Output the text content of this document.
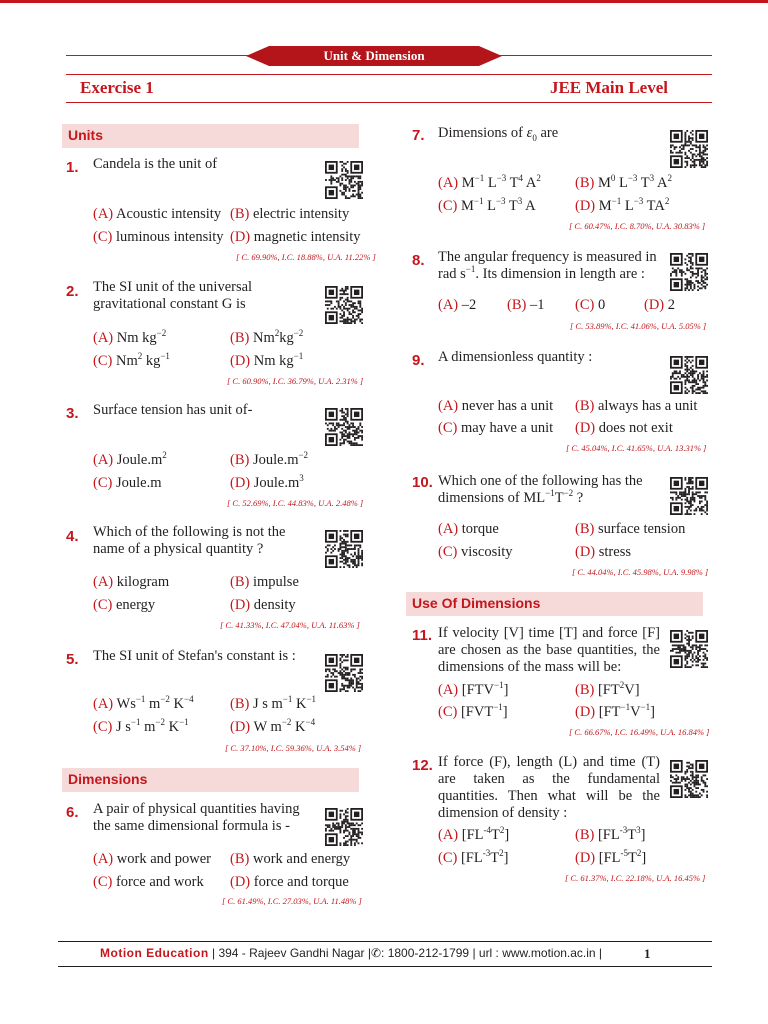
Unit & Dimension
Exercise 1	JEE Main Level
Units
1. Candela is the unit of
(A) Acoustic intensity (B) electric intensity
(C) luminous intensity (D) magnetic intensity
[ C. 69.90%, I.C. 18.88%, U.A. 11.22% ]
2. The SI unit of the universal
gravitational constant G is
(A) Nm $kg^{-2}$	(B) $Nm^2kg^{-2}$
(C) Nm$^2$ $kg^{-1}$	(D) Nm $kg^{-1}$
[ C. 60.90%, I.C. 36.79%, U.A. 2.31% ]
3. Surface tension has unit of-
(A) $Joule.m^2$	(B) $Joule.m^{-2}$
(C) Joule.m	(D) $Joule.m^3$
[ C. 52.69%, I.C. 44.83%, U.A. 2.48% ]
4. Which of the following is not the
name of a physical quantity ?
(A) kilogram	(B) impulse
(C) energy	(D) density
[ C. 41.33%, I.C. 47.04%, U.A. 11.63% ]
5. The SI unit of Stefan's constant is :
(A) $Ws^{-1}$ $m^{-2}$ $K^{-4}$	(B) J s $m^{-1}$ $K^{-1}$
(C) J $s^{-1}$ $m^{-2}$ $K^{-1}$	(D) W $m^{-2}$ $K^{-4}$
[ C. 37.10%, I.C. 59.36%, U.A. 3.54% ]
Dimensions
6. A pair of physical quantities having
the same dimensional formula is -
(A) work and power (B) work and energy
(C) force and work (D) force and torque
[ C. 61.49%, I.C. 27.03%, U.A. 11.48% ]
7. Dimensions of $\varepsilon_0$ are
(A) $M^{-1}$ $L^{-3}$ $T^4$ $A^2$ (B) $M^0$ $L^{-3}$ $T^3$ $A^2$
(C) $M^{-1}$ $L^{-3}$ $T^3$ A	(D) $M^{-1}$ $L^{-3}$ $TA^2$
[ C. 60.47%, I.C. 8.70%, U.A. 30.83% ]
8. The angular frequency is measured in
rad $s^{-1}$. Its dimension in length are :
(A) –2 (B) –1 (C) 0	(D) 2
[ C. 53.89%, I.C. 41.06%, U.A. 5.05% ]
9. A dimensionless quantity :
(A) never has a unit (B) always has a unit
(C) may have a unit (D) does not exit
[ C. 45.04%, I.C. 41.65%, U.A. 13.31% ]
10. Which one of the following has the
dimensions of $ML^{-1}T^{-2}$ ?
(A) torque	(B) surface tension
(C) viscosity	(D) stress
[ C. 44.04%, I.C. 45.98%, U.A. 9.98% ]
Use Of Dimensions
11. If velocity [V] time [T] and force [F] are chosen as the base quantities, the dimensions of the mass will be:
(A) $[FTV^{-1}]$	(B) $[FT^2V]$
(C) $[FVT^{-1}]$	(D) $[FT^{-1}V^{-1}]$
[ C. 66.67%, I.C. 16.49%, U.A. 16.84% ]
12. If force (F), length (L) and time (T) are taken as the fundamental quantities. Then what will be the dimension of density :
(A) $[FL^{-4}T^2]$	(B) $[FL^{-3}T^3]$
(C) $[FL^{-3}T^2]$	(D) $[FL^{-5}T^2]$
[ C. 61.37%, I.C. 22.18%, U.A. 16.45% ]
Motion Education | 394 - Rajeev Gandhi Nagar |✆: 1800-212-1799 | url : www.motion.ac.in |	1
